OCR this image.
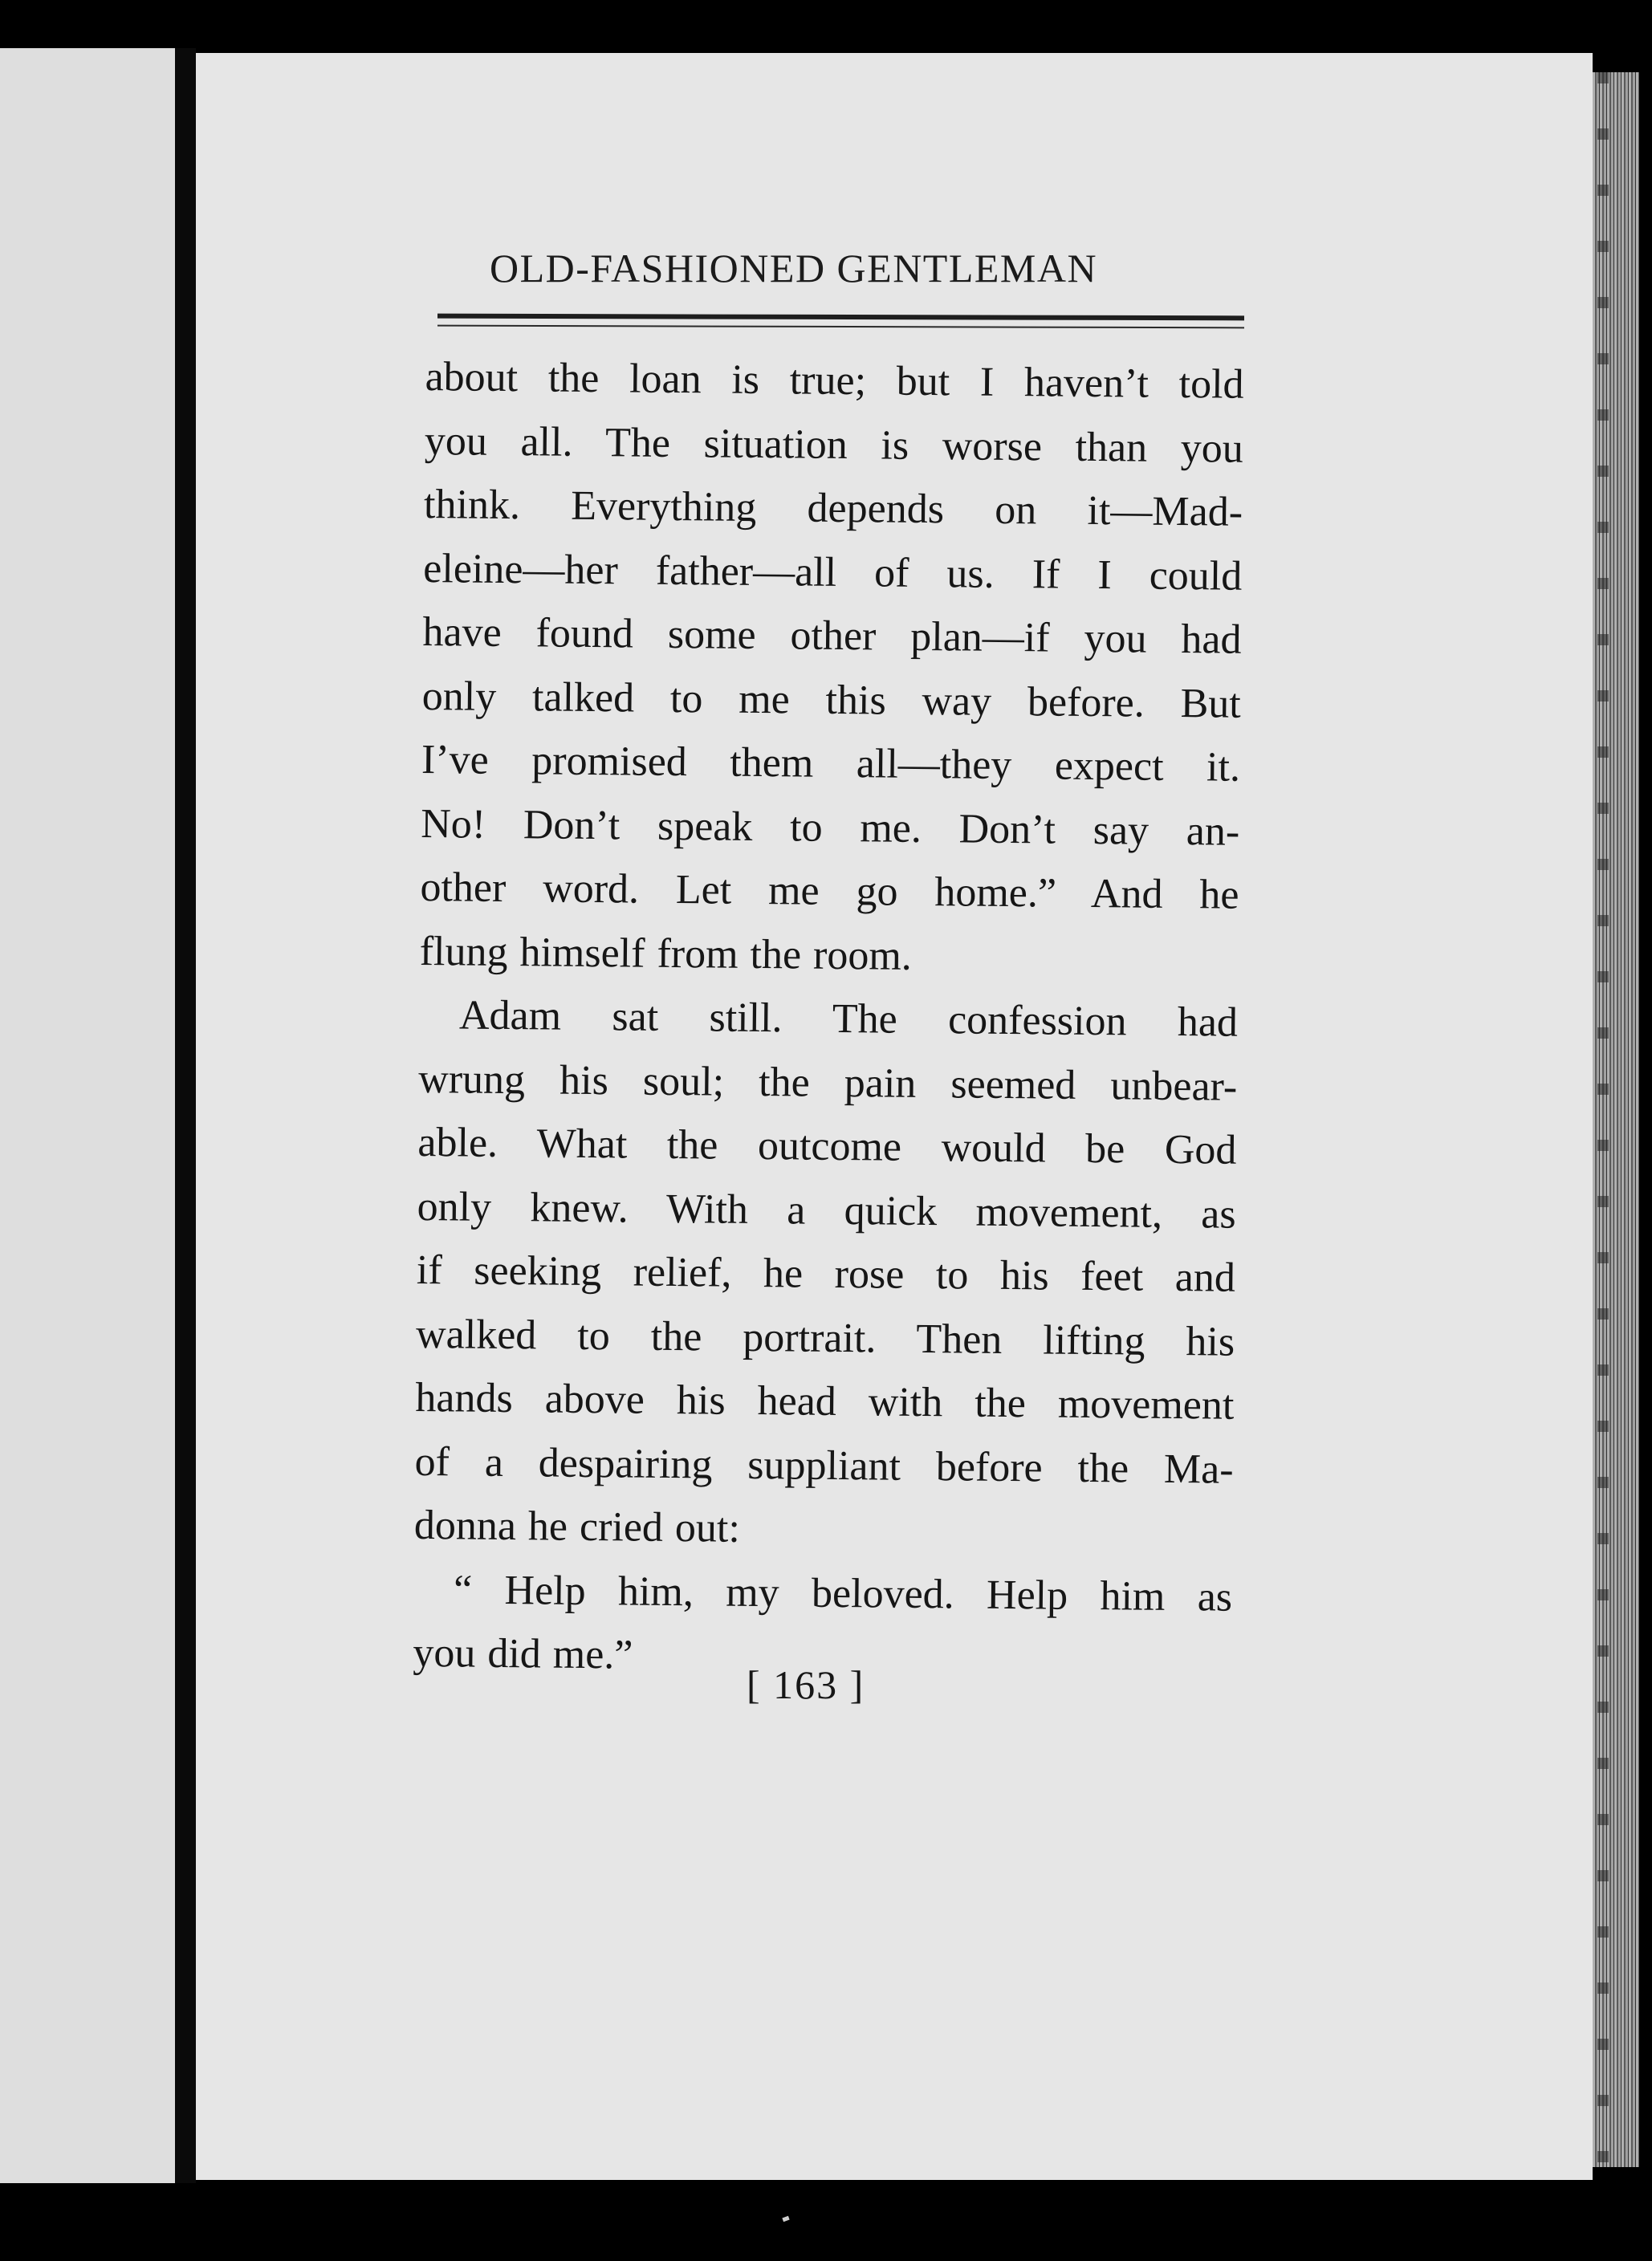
OLD-FASHIONED GENTLEMAN
about the loan is true; but I haven’t told
you all. The situation is worse than you
think. Everything depends on it—Mad-
eleine—her father—all of us. If I could
have found some other plan—if you had
only talked to me this way before. But
I’ve promised them all—they expect it.
No! Don’t speak to me. Don’t say an-
other word. Let me go home.” And he
flung himself from the room.
Adam sat still. The confession had
wrung his soul; the pain seemed unbear-
able. What the outcome would be God
only knew. With a quick movement, as
if seeking relief, he rose to his feet and
walked to the portrait. Then lifting his
hands above his head with the movement
of a despairing suppliant before the Ma-
donna he cried out:
“ Help him, my beloved. Help him as
you did me.”
[ 163 ]
